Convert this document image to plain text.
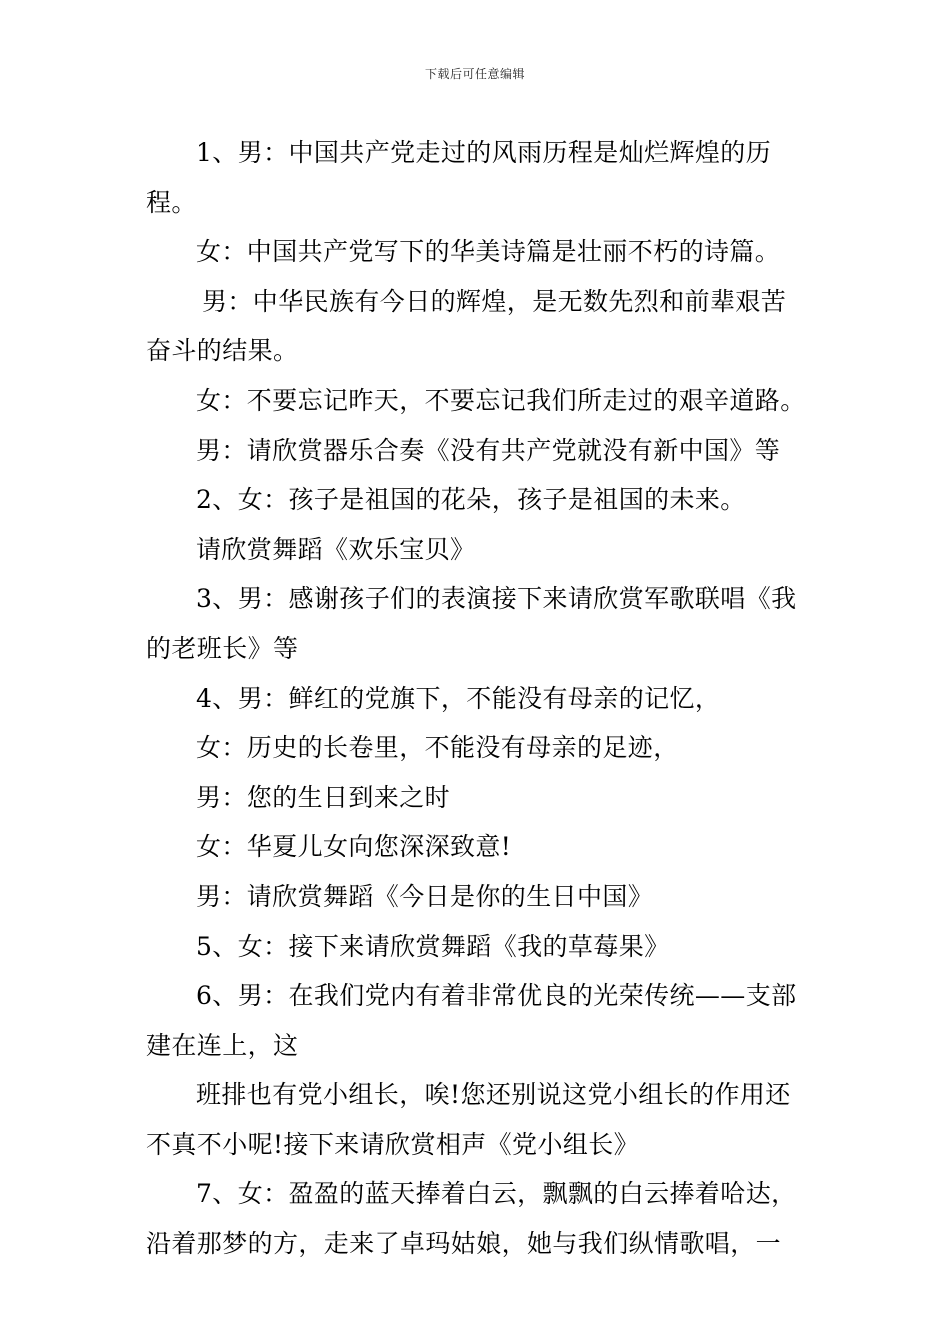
下载后可任意编辑

1、男：中国共产党走过的风雨历程是灿烂辉煌的历程。

女：中国共产党写下的华美诗篇是壮丽不朽的诗篇。

男：中华民族有今日的辉煌，是无数先烈和前辈艰苦奋斗的结果。

女：不要忘记昨天，不要忘记我们所走过的艰辛道路。

男：请欣赏器乐合奏《没有共产党就没有新中国》等

2、女：孩子是祖国的花朵，孩子是祖国的未来。

请欣赏舞蹈《欢乐宝贝》

3、男：感谢孩子们的表演接下来请欣赏军歌联唱《我的老班长》等

4、男：鲜红的党旗下，不能没有母亲的记忆，

女：历史的长卷里，不能没有母亲的足迹，

男：您的生日到来之时

女：华夏儿女向您深深致意!

男：请欣赏舞蹈《今日是你的生日中国》

5、女：接下来请欣赏舞蹈《我的草莓果》

6、男：在我们党内有着非常优良的光荣传统——支部建在连上，这

班排也有党小组长，唉!您还别说这党小组长的作用还不真不小呢!接下来请欣赏相声《党小组长》

7、女：盈盈的蓝天捧着白云，飘飘的白云捧着哈达，沿着那梦的方，走来了卓玛姑娘，她与我们纵情歌唱，一
